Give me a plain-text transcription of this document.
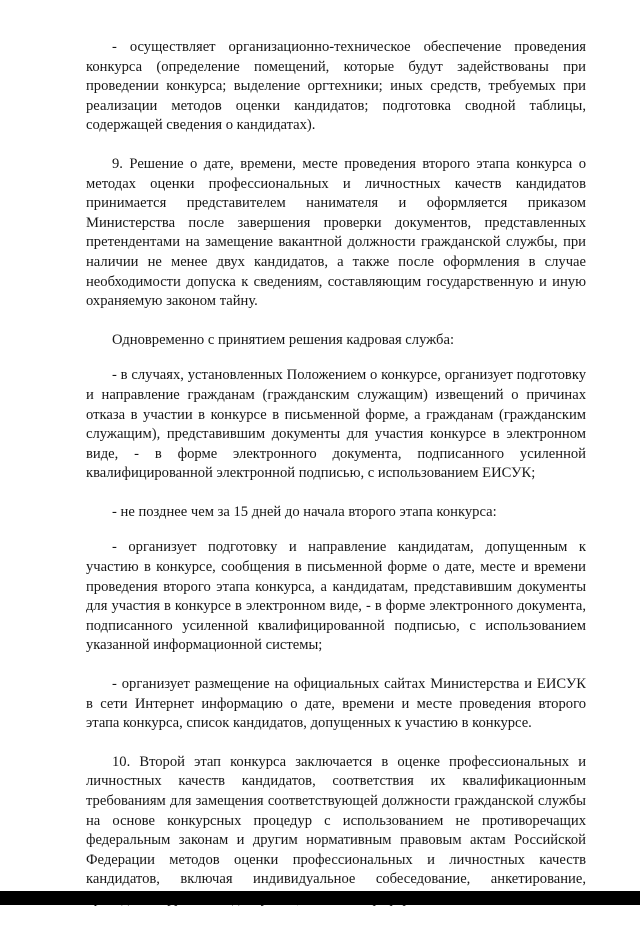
- осуществляет организационно-техническое обеспечение проведения конкурса (определение помещений, которые будут задействованы при проведении конкурса; выделение оргтехники; иных средств, требуемых при реализации методов оценки кандидатов; подготовка сводной таблицы, содержащей сведения о кандидатах).

9. Решение о дате, времени, месте проведения второго этапа конкурса о методах оценки профессиональных и личностных качеств кандидатов принимается представителем нанимателя и оформляется приказом Министерства после завершения проверки документов, представленных претендентами на замещение вакантной должности гражданской службы, при наличии не менее двух кандидатов, а также после оформления в случае необходимости допуска к сведениям, составляющим государственную и иную охраняемую законом тайну.

Одновременно с принятием решения кадровая служба:

- в случаях, установленных Положением о конкурсе, организует подготовку и направление гражданам (гражданским служащим) извещений о причинах отказа в участии в конкурсе в письменной форме, а гражданам (гражданским служащим), представившим документы для участия конкурсе в электронном виде, - в форме электронного документа, подписанного усиленной квалифицированной электронной подписью, с использованием ЕИСУК;

- не позднее чем за 15 дней до начала второго этапа конкурса:

- организует подготовку и направление кандидатам, допущенным к участию в конкурсе, сообщения в письменной форме о дате, месте и времени проведения второго этапа конкурса, а кандидатам, представившим документы для участия в конкурсе в электронном виде, - в форме электронного документа, подписанного усиленной квалифицированной подписью, с использованием указанной информационной системы;

- организует размещение на официальных сайтах Министерства и ЕИСУК в сети Интернет информацию о дате, времени и месте проведения второго этапа конкурса, список кандидатов, допущенных к участию в конкурсе.

10. Второй этап конкурса заключается в оценке профессиональных и личностных качеств кандидатов, соответствия их квалификационным требованиям для замещения соответствующей должности гражданской службы на основе конкурсных процедур с использованием не противоречащих федеральным законам и другим нормативным правовым актам Российской Федерации методов оценки профессиональных и личностных качеств кандидатов, включая индивидуальное собеседование, анкетирование,
